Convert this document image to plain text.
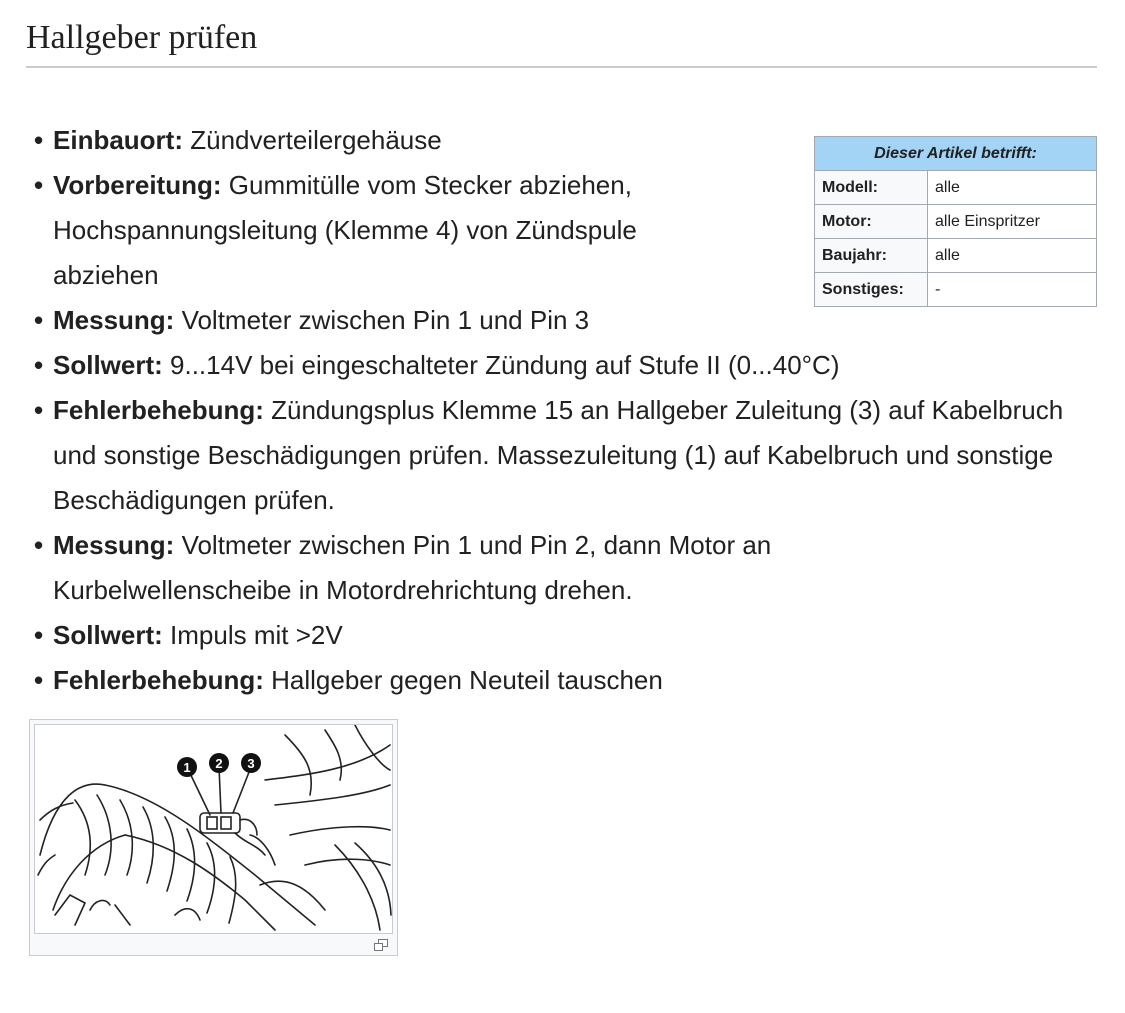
Hallgeber prüfen
Dieser Artikel betrifft:	
Modell:	alle
Motor:	alle Einspritzer
Baujahr:	alle
Sonstiges:	-
• Einbauort: Zündverteilergehäuse
• Vorbereitung: Gummitülle vom Stecker abziehen, Hochspannungsleitung (Klemme 4) von Zündspule abziehen
• Messung: Voltmeter zwischen Pin 1 und Pin 3
• Sollwert: 9...14V bei eingeschalteter Zündung auf Stufe II (0...40°C)
• Fehlerbehebung: Zündungsplus Klemme 15 an Hallgeber Zuleitung (3) auf Kabelbruch und sonstige Beschädigungen prüfen. Massezuleitung (1) auf Kabelbruch und sonstige Beschädigungen prüfen.
• Messung: Voltmeter zwischen Pin 1 und Pin 2, dann Motor an Kurbelwellenscheibe in Motordrehrichtung drehen.
• Sollwert: Impuls mit >2V
• Fehlerbehebung: Hallgeber gegen Neuteil tauschen
1 2 3
